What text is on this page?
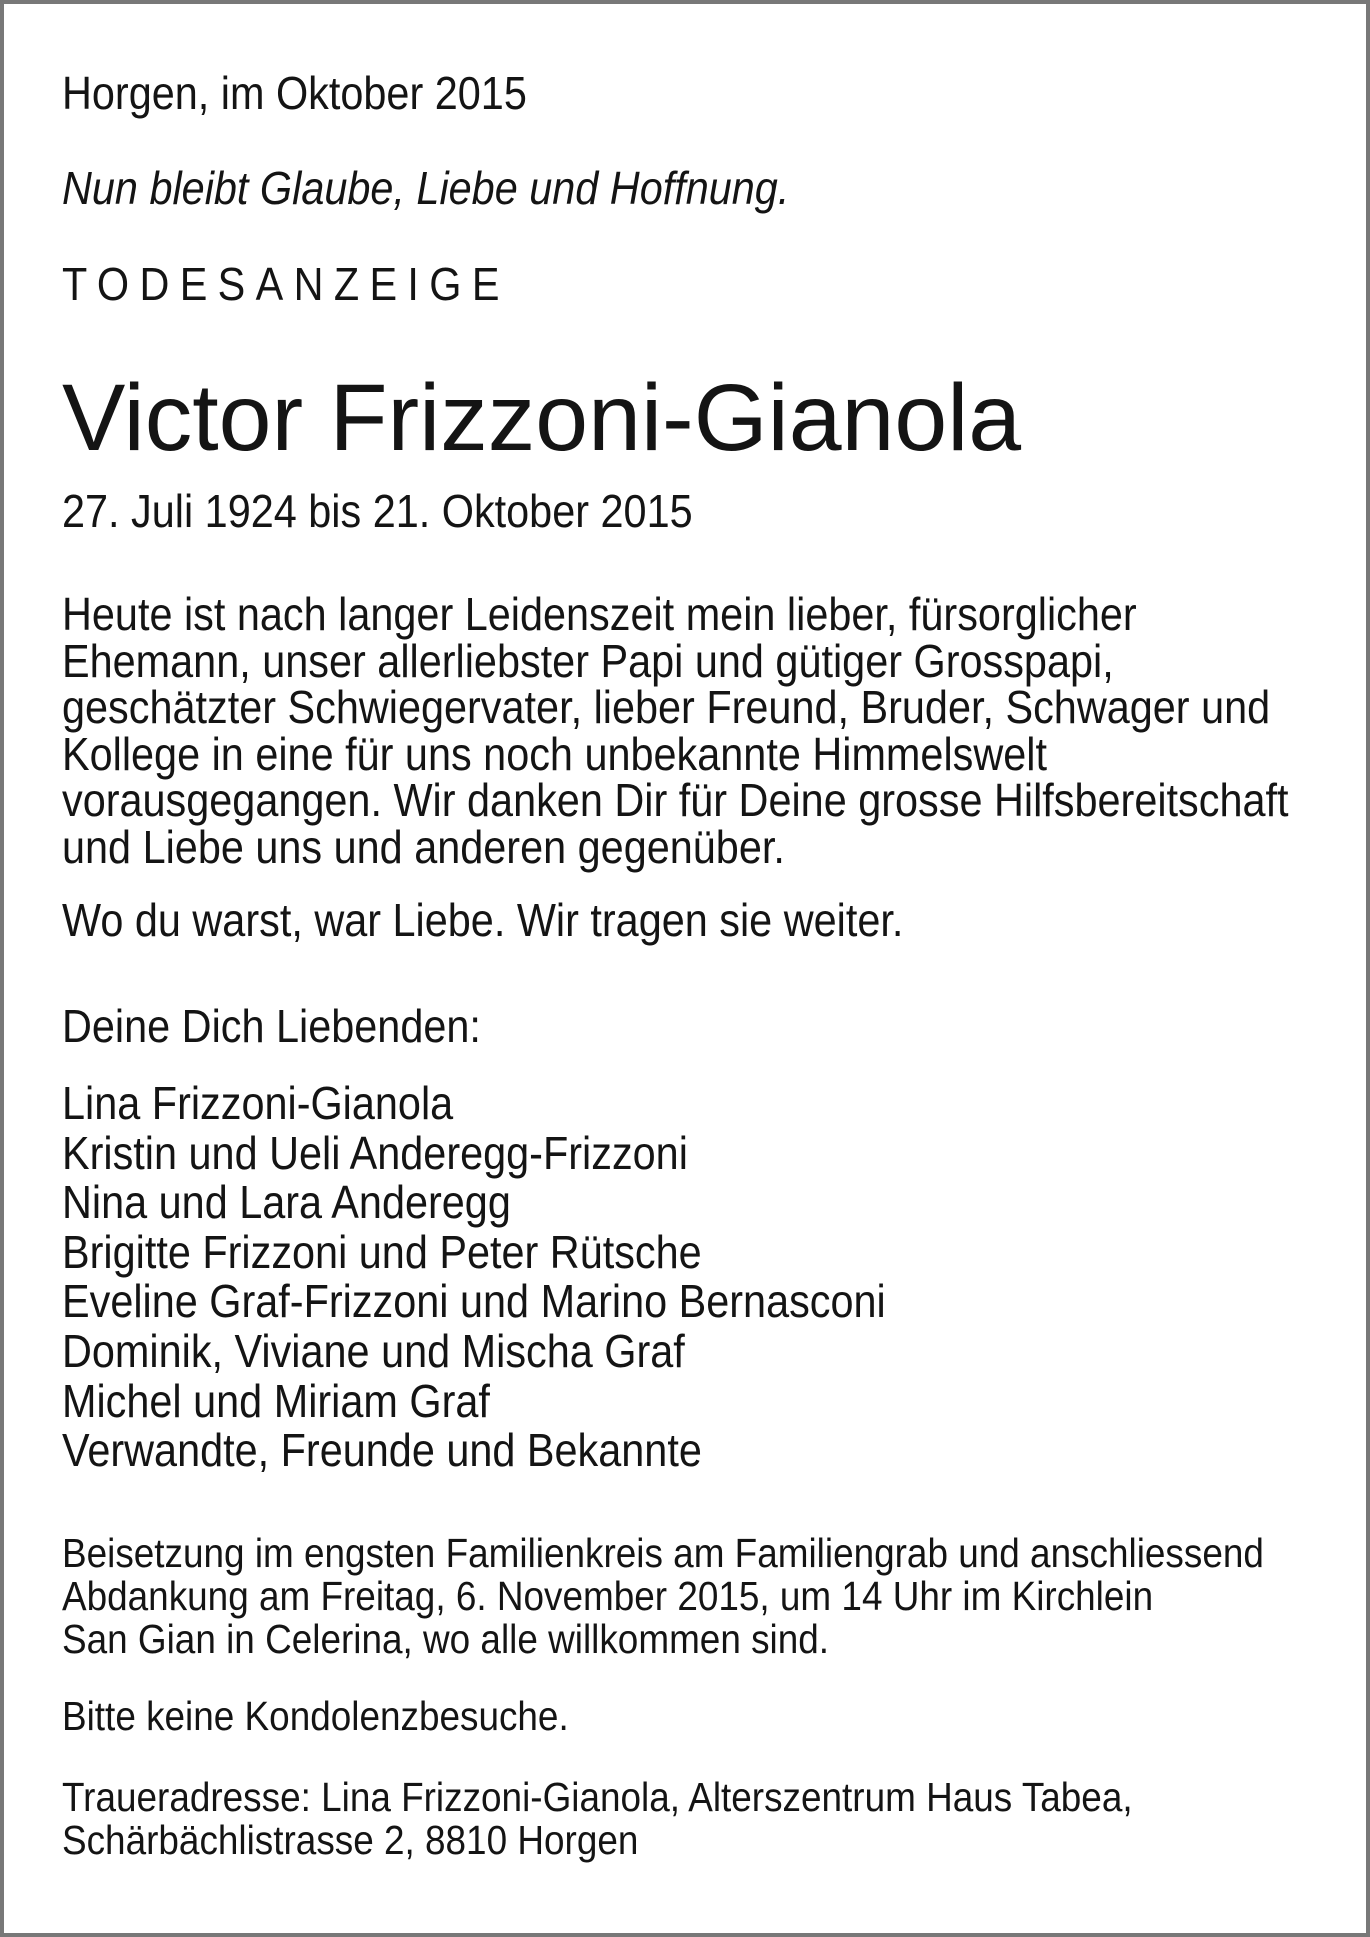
Horgen, im Oktober 2015
Nun bleibt Glaube, Liebe und Hoffnung.
TODESANZEIGE
Victor Frizzoni-Gianola
27. Juli 1924 bis 21. Oktober 2015
Heute ist nach langer Leidenszeit mein lieber, fürsorglicher
Ehemann, unser allerliebster Papi und gütiger Grosspapi,
geschätzter Schwiegervater, lieber Freund, Bruder, Schwager und
Kollege in eine für uns noch unbekannte Himmelswelt
vorausgegangen. Wir danken Dir für Deine grosse Hilfsbereitschaft
und Liebe uns und anderen gegenüber.
Wo du warst, war Liebe. Wir tragen sie weiter.
Deine Dich Liebenden:
Lina Frizzoni-Gianola
Kristin und Ueli Anderegg-Frizzoni
Nina und Lara Anderegg
Brigitte Frizzoni und Peter Rütsche
Eveline Graf-Frizzoni und Marino Bernasconi
Dominik, Viviane und Mischa Graf
Michel und Miriam Graf
Verwandte, Freunde und Bekannte
Beisetzung im engsten Familienkreis am Familiengrab und anschliessend
Abdankung am Freitag, 6. November 2015, um 14 Uhr im Kirchlein
San Gian in Celerina, wo alle willkommen sind.
Bitte keine Kondolenzbesuche.
Traueradresse: Lina Frizzoni-Gianola, Alterszentrum Haus Tabea,
Schärbächlistrasse 2, 8810 Horgen
